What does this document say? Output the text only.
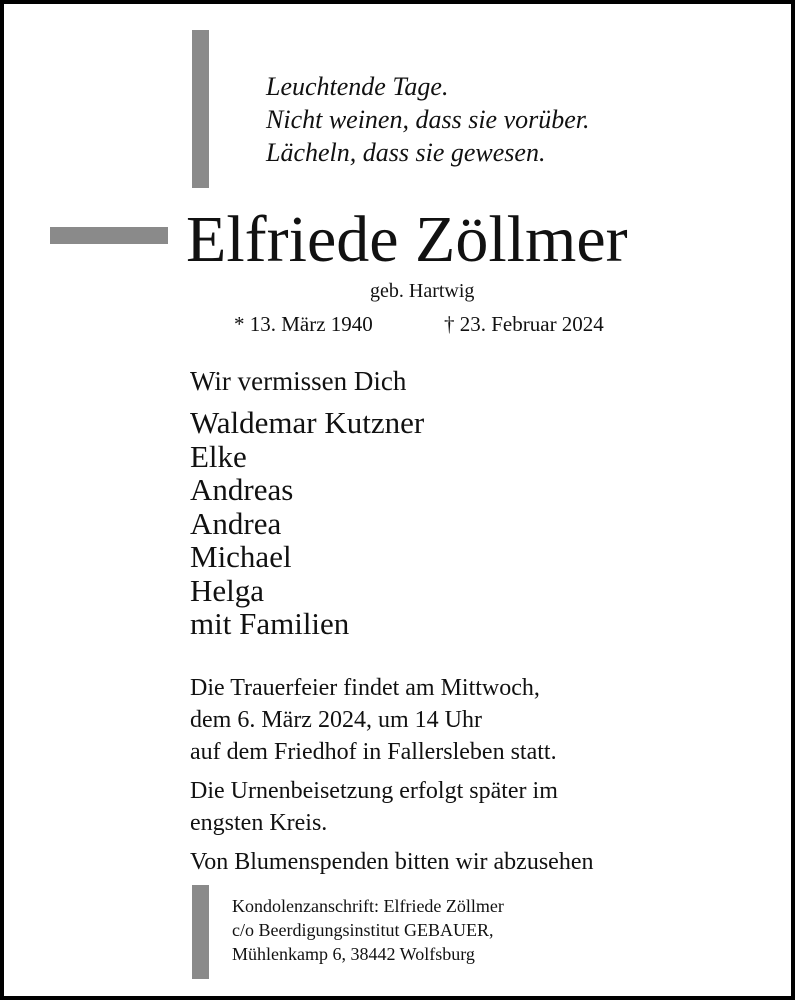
Leuchtende Tage.
Nicht weinen, dass sie vorüber.
Lächeln, dass sie gewesen.
Elfriede Zöllmer
geb. Hartwig
* 13. März 1940	† 23. Februar 2024
Wir vermissen Dich
Waldemar Kutzner
Elke
Andreas
Andrea
Michael
Helga
mit Familien
Die Trauerfeier findet am Mittwoch,
dem 6. März 2024, um 14 Uhr
auf dem Friedhof in Fallersleben statt.
Die Urnenbeisetzung erfolgt später im
engsten Kreis.
Von Blumenspenden bitten wir abzusehen
Kondolenzanschrift: Elfriede Zöllmer
c/o Beerdigungsinstitut GEBAUER,
Mühlenkamp 6, 38442 Wolfsburg
